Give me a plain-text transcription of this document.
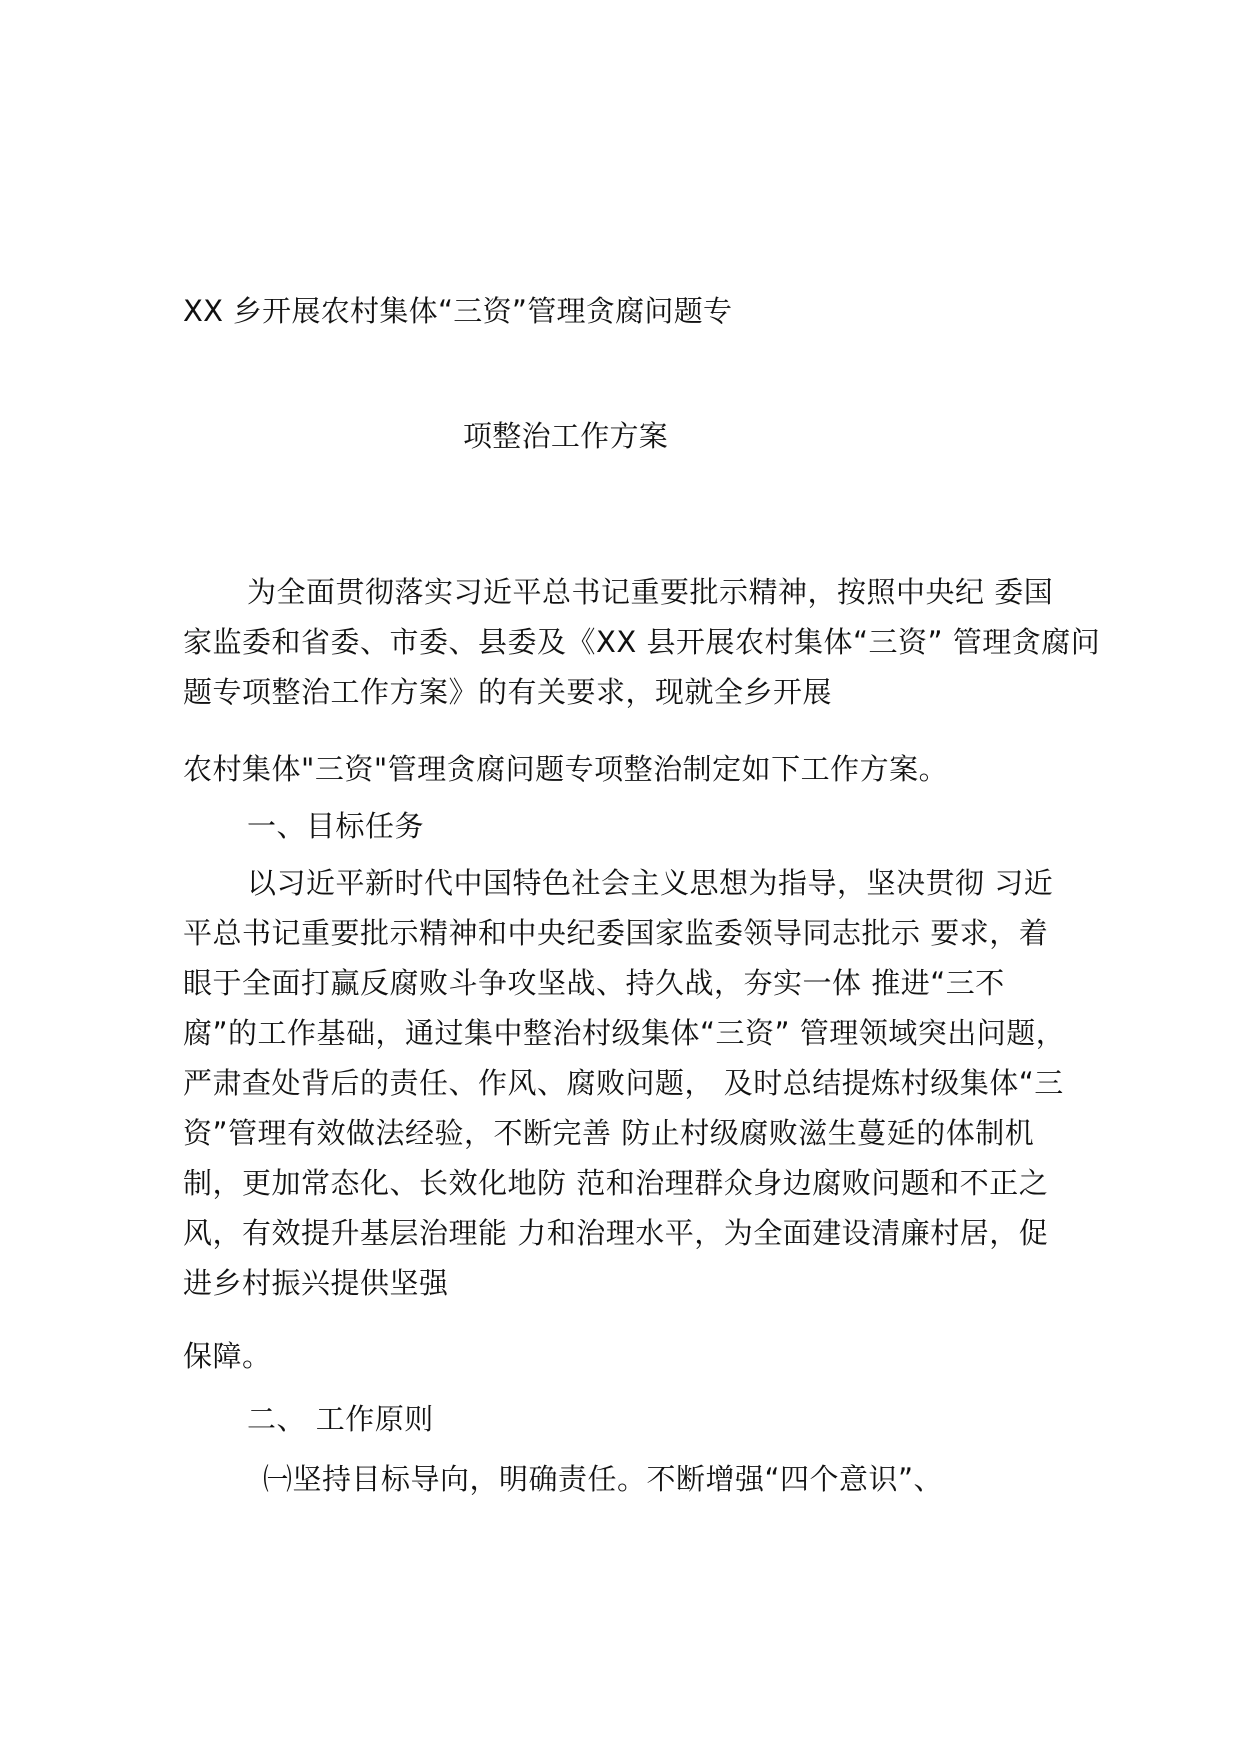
XX 乡开展农村集体“三资”管理贪腐问题专
项整治工作方案
为全面贯彻落实习近平总书记重要批示精神，按照中央纪 委国
家监委和省委、市委、县委及《XX 县开展农村集体“三资” 管理贪腐问
题专项整治工作方案》的有关要求，现就全乡开展
农村集体"三资"管理贪腐问题专项整治制定如下工作方案。
一、目标任务
以习近平新时代中国特色社会主义思想为指导，坚决贯彻 习近
平总书记重要批示精神和中央纪委国家监委领导同志批示 要求，着
眼于全面打赢反腐败斗争攻坚战、持久战，夯实一体 推进“三不
腐”的工作基础，通过集中整治村级集体“三资” 管理领域突出问题，
严肃查处背后的责任、作风、腐败问题， 及时总结提炼村级集体“三
资”管理有效做法经验，不断完善 防止村级腐败滋生蔓延的体制机
制，更加常态化、长效化地防 范和治理群众身边腐败问题和不正之
风，有效提升基层治理能 力和治理水平，为全面建设清廉村居，促
进乡村振兴提供坚强
保障。
二、 工作原则
㈠坚持目标导向，明确责任。不断增强“四个意识”、
